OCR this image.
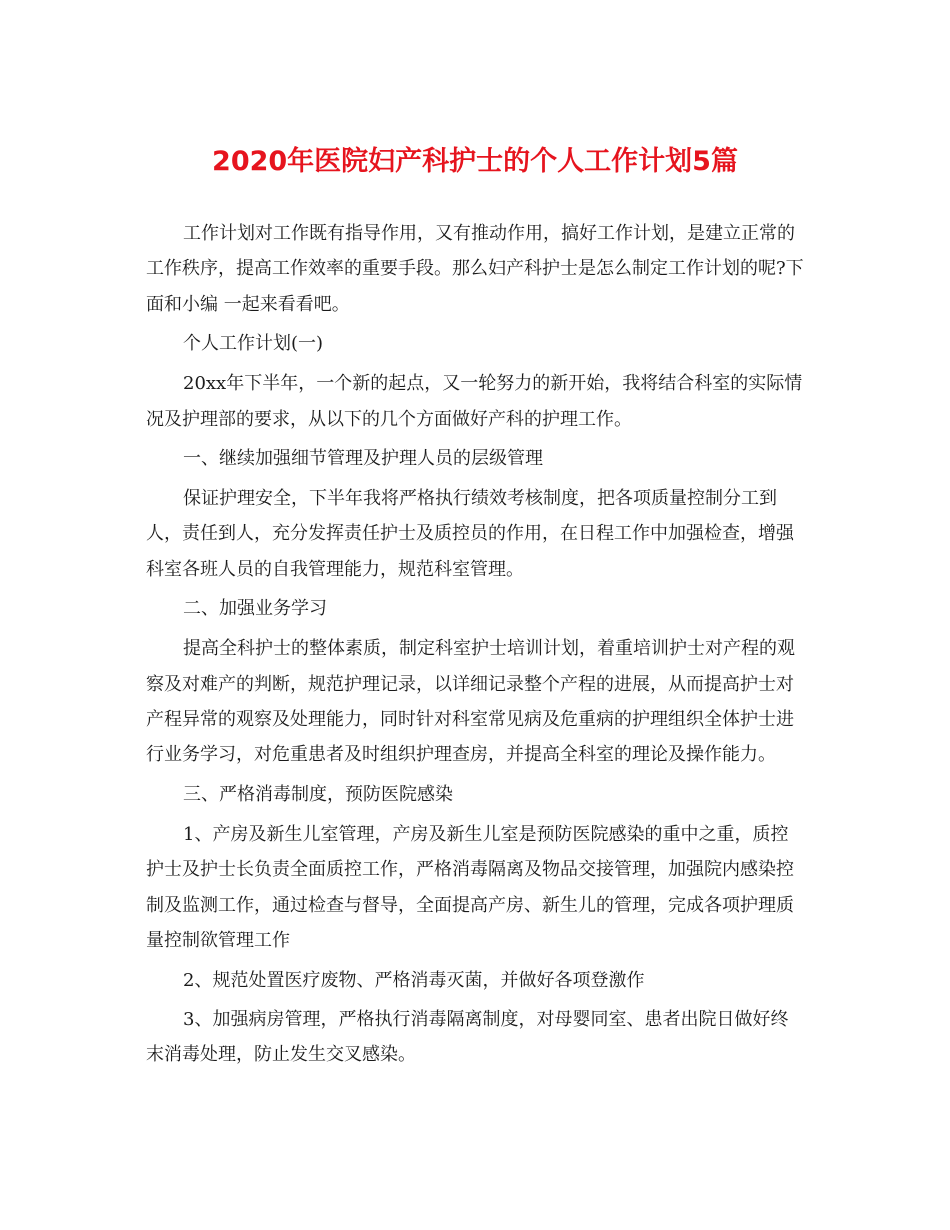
2020年医院妇产科护士的个人工作计划5篇

工作计划对工作既有指导作用，又有推动作用，搞好工作计划，是建立正常的工作秩序，提高工作效率的重要手段。那么妇产科护士是怎么制定工作计划的呢?下面和小编 一起来看看吧。

个人工作计划(一)

20xx年下半年，一个新的起点，又一轮努力的新开始，我将结合科室的实际情况及护理部的要求，从以下的几个方面做好产科的护理工作。

一、继续加强细节管理及护理人员的层级管理

保证护理安全，下半年我将严格执行绩效考核制度，把各项质量控制分工到人，责任到人，充分发挥责任护士及质控员的作用，在日程工作中加强检查，增强科室各班人员的自我管理能力，规范科室管理。

二、加强业务学习

提高全科护士的整体素质，制定科室护士培训计划，着重培训护士对产程的观察及对难产的判断，规范护理记录，以详细记录整个产程的进展，从而提高护士对产程异常的观察及处理能力，同时针对科室常见病及危重病的护理组织全体护士进行业务学习，对危重患者及时组织护理查房，并提高全科室的理论及操作能力。

三、严格消毒制度，预防医院感染

1、产房及新生儿室管理，产房及新生儿室是预防医院感染的重中之重，质控护士及护士长负责全面质控工作，严格消毒隔离及物品交接管理，加强院内感染控制及监测工作，通过检查与督导，全面提高产房、新生儿的管理，完成各项护理质量控制欲管理工作

2、规范处置医疗废物、严格消毒灭菌，并做好各项登激作

3、加强病房管理，严格执行消毒隔离制度，对母婴同室、患者出院日做好终末消毒处理，防止发生交叉感染。
